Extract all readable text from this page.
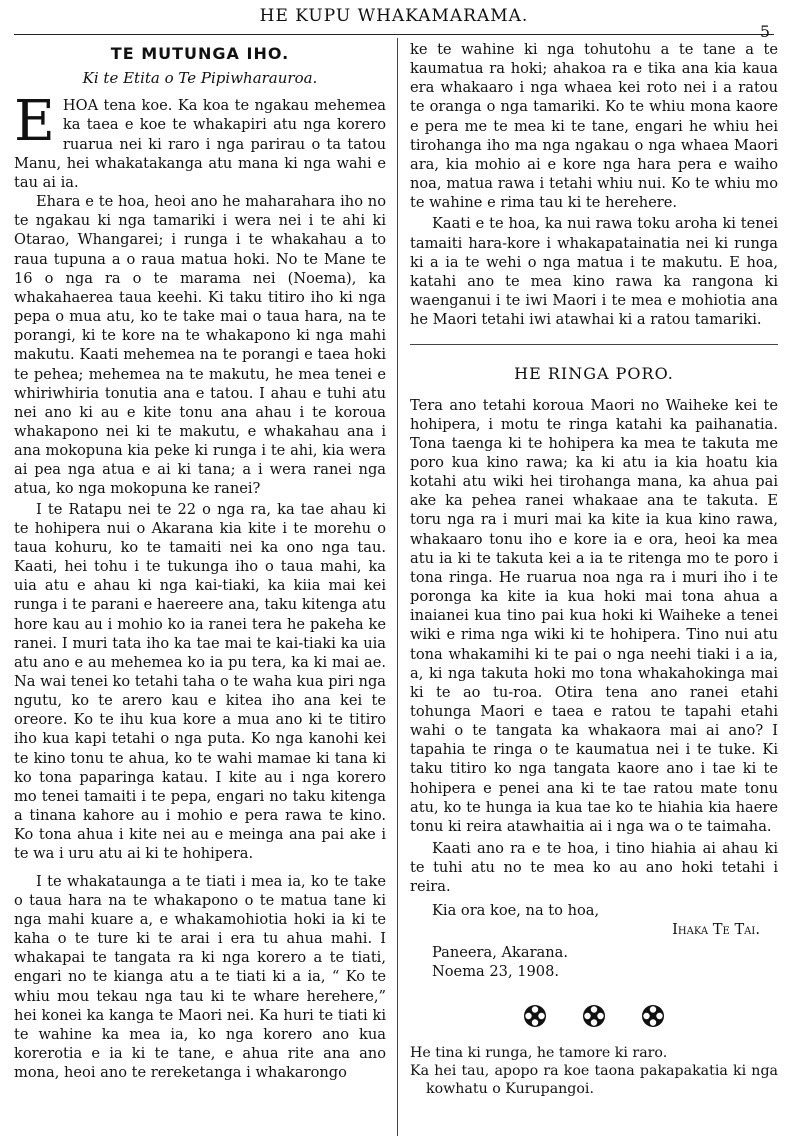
HE KUPU WHAKAMARAMA.
5
TE MUTUNGA IHO.
Ki te Etita o Te Pipiwharauroa.

EHOA tena koe. Ka koa te ngakau mehemea ka taea e koe te whakapiri atu nga korero ruarua nei ki raro i nga parirau o ta tatou Manu, hei whakatakanga atu mana ki nga wahi e tau ai ia.

Ehara e te hoa, heoi ano he maharahara iho no te ngakau ki nga tamariki i wera nei i te ahi ki Otarao, Whangarei; i runga i te whakahau a to raua tupuna a o raua matua hoki. No te Mane te 16 o nga ra o te marama nei (Noema), ka whakahaerea taua keehi. Ki taku titiro iho ki nga pepa o mua atu, ko te take mai o taua hara, na te porangi, ki te kore na te whakapono ki nga mahi makutu. Kaati mehemea na te porangi e taea hoki te pehea; mehemea na te makutu, he mea tenei e whiriwhiria tonutia ana e tatou. I ahau e tuhi atu nei ano ki au e kite tonu ana ahau i te koroua whakapono nei ki te makutu, e whakahau ana i ana mokopuna kia peke ki runga i te ahi, kia wera ai pea nga atua e ai ki tana; a i wera ranei nga atua, ko nga mokopuna ke ranei?

I te Ratapu nei te 22 o nga ra, ka tae ahau ki te hohipera nui o Akarana kia kite i te morehu o taua kohuru, ko te tamaiti nei ka ono nga tau. Kaati, hei tohu i te tukunga iho o taua mahi, ka uia atu e ahau ki nga kai-tiaki, ka kiia mai kei runga i te parani e haereere ana, taku kitenga atu hore kau au i mohio ko ia ranei tera he pakeha ke ranei. I muri tata iho ka tae mai te kai-tiaki ka uia atu ano e au mehemea ko ia pu tera, ka ki mai ae. Na wai tenei ko tetahi taha o te waha kua piri nga ngutu, ko te arero kau e kitea iho ana kei te oreore. Ko te ihu kua kore a mua ano ki te titiro iho kua kapi tetahi o nga puta. Ko nga kanohi kei te kino tonu te ahua, ko te wahi mamae ki tana ki ko tona paparinga katau. I kite au i nga korero mo tenei tamaiti i te pepa, engari no taku kitenga a tinana kahore au i mohio e pera rawa te kino. Ko tona ahua i kite nei au e meinga ana pai ake i te wa i uru atu ai ki te hohipera.

I te whakataunga a te tiati i mea ia, ko te take o taua hara na te whakapono o te matua tane ki nga mahi kuare a, e whakamohiotia hoki ia ki te kaha o te ture ki te arai i era tu ahua mahi. I whakapai te tangata ra ki nga korero a te tiati, engari no te kianga atu a te tiati ki a ia, “ Ko te whiu mou tekau nga tau ki te whare herehere,” hei konei ka kanga te Maori nei. Ka huri te tiati ki te wahine ka mea ia, ko nga korero ano kua korerotia e ia ki te tane, e ahua rite ana ano mona, heoi ano te rereketanga i whakarongo

ke te wahine ki nga tohutohu a te tane a te kaumatua ra hoki; ahakoa ra e tika ana kia kaua era whakaaro i nga whaea kei roto nei i a ratou te oranga o nga tamariki. Ko te whiu mona kaore e pera me te mea ki te tane, engari he whiu hei tirohanga iho ma nga ngakau o nga whaea Maori ara, kia mohio ai e kore nga hara pera e waiho noa, matua rawa i tetahi whiu nui. Ko te whiu mo te wahine e rima tau ki te herehere.

Kaati e te hoa, ka nui rawa toku aroha ki tenei tamaiti hara-kore i whakapatainatia nei ki runga ki a ia te wehi o nga matua i te makutu. E hoa, katahi ano te mea kino rawa ka rangona ki waenganui i te iwi Maori i te mea e mohiotia ana he Maori tetahi iwi atawhai ki a ratou tamariki.

HE RINGA PORO.

Tera ano tetahi koroua Maori no Waiheke kei te hohipera, i motu te ringa katahi ka paihanatia. Tona taenga ki te hohipera ka mea te takuta me poro kua kino rawa; ka ki atu ia kia hoatu kia kotahi atu wiki hei tirohanga mana, ka ahua pai ake ka pehea ranei whakaae ana te takuta. E toru nga ra i muri mai ka kite ia kua kino rawa, whakaaro tonu iho e kore ia e ora, heoi ka mea atu ia ki te takuta kei a ia te ritenga mo te poro i tona ringa. He ruarua noa nga ra i muri iho i te poronga ka kite ia kua hoki mai tona ahua a inaianei kua tino pai kua hoki ki Waiheke a tenei wiki e rima nga wiki ki te hohipera. Tino nui atu tona whakamihi ki te pai o nga neehi tiaki i a ia, a, ki nga takuta hoki mo tona whakahokinga mai ki te ao tu-roa. Otira tena ano ranei etahi tohunga Maori e taea e ratou te tapahi etahi wahi o te tangata ka whakaora mai ai ano? I tapahia te ringa o te kaumatua nei i te tuke. Ki taku titiro ko nga tangata kaore ano i tae ki te hohipera e penei ana ki te tae ratou mate tonu atu, ko te hunga ia kua tae ko te hiahia kia haere tonu ki reira atawhaitia ai i nga wa o te taimaha.

Kaati ano ra e te hoa, i tino hiahia ai ahau ki te tuhi atu no te mea ko au ano hoki tetahi i reira.

Kia ora koe, na to hoa,

Ihaka Te Tai.

Paneera, Akarana.

Noema 23, 1908.

He tina ki runga, he tamore ki raro.

Ka hei tau, apopo ra koe taona pakapakatia ki nga kowhatu o Kurupangoi.
